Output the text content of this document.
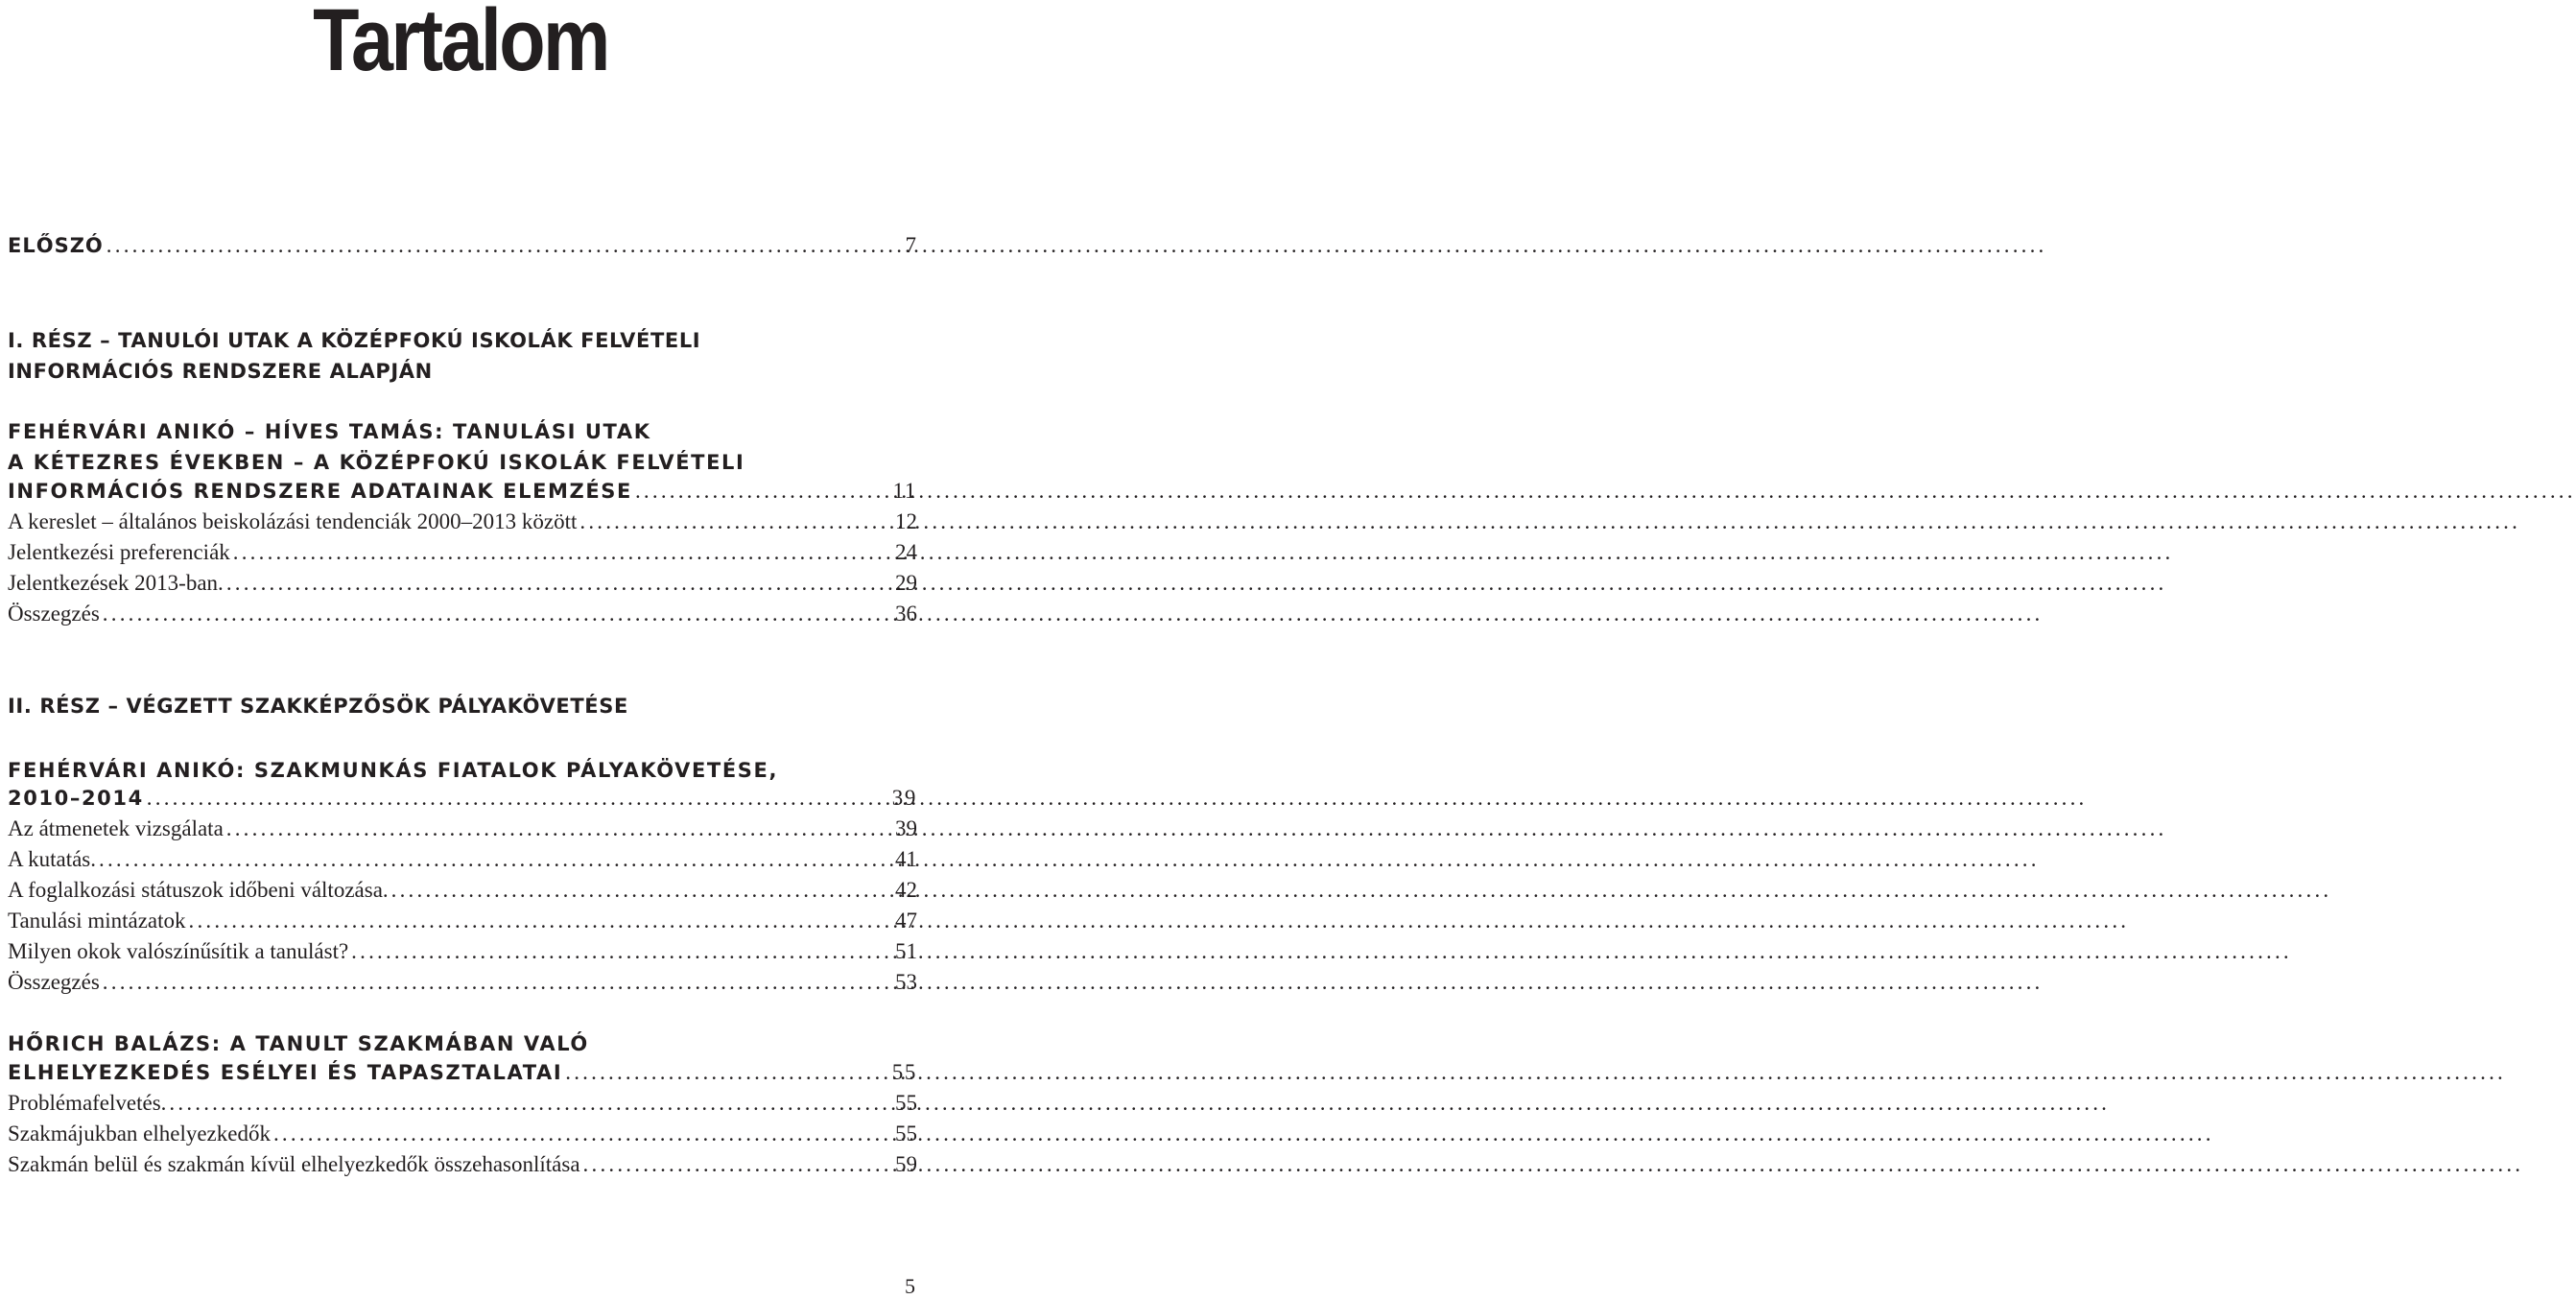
Tartalom
ELŐSZÓ .....	7
I. RÉSZ – TANULÓI UTAK A KÖZÉPFOKÚ ISKOLÁK FELVÉTELI
INFORMÁCIÓS RENDSZERE ALAPJÁN
FEHÉRVÁRI ANIKÓ – HÍVES TAMÁS: TANULÁSI UTAK
A KÉTEZRES ÉVEKBEN – A KÖZÉPFOKÚ ISKOLÁK FELVÉTELI
INFORMÁCIÓS RENDSZERE ADATAINAK ELEMZÉSE .....	11
A kereslet – általános beiskolázási tendenciák 2000–2013 között .....	12
Jelentkezési preferenciák .....	24
Jelentkezések 2013-ban. .....	29
Összegzés .....	36
II. RÉSZ – VÉGZETT SZAKKÉPZŐSÖK PÁLYAKÖVETÉSE
FEHÉRVÁRI ANIKÓ: SZAKMUNKÁS FIATALOK PÁLYAKÖVETÉSE,
2010–2014 .....	39
Az átmenetek vizsgálata .....	39
A kutatás. .....	41
A foglalkozási státuszok időbeni változása. .....	42
Tanulási mintázatok .....	47
Milyen okok valószínűsítik a tanulást? .....	51
Összegzés .....	53
HŐRICH BALÁZS: A TANULT SZAKMÁBAN VALÓ
ELHELYEZKEDÉS ESÉLYEI ÉS TAPASZTALATAI .....	55
Problémafelvetés. .....	55
Szakmájukban elhelyezkedők .....	55
Szakmán belül és szakmán kívül elhelyezkedők összehasonlítása .....	59
5
